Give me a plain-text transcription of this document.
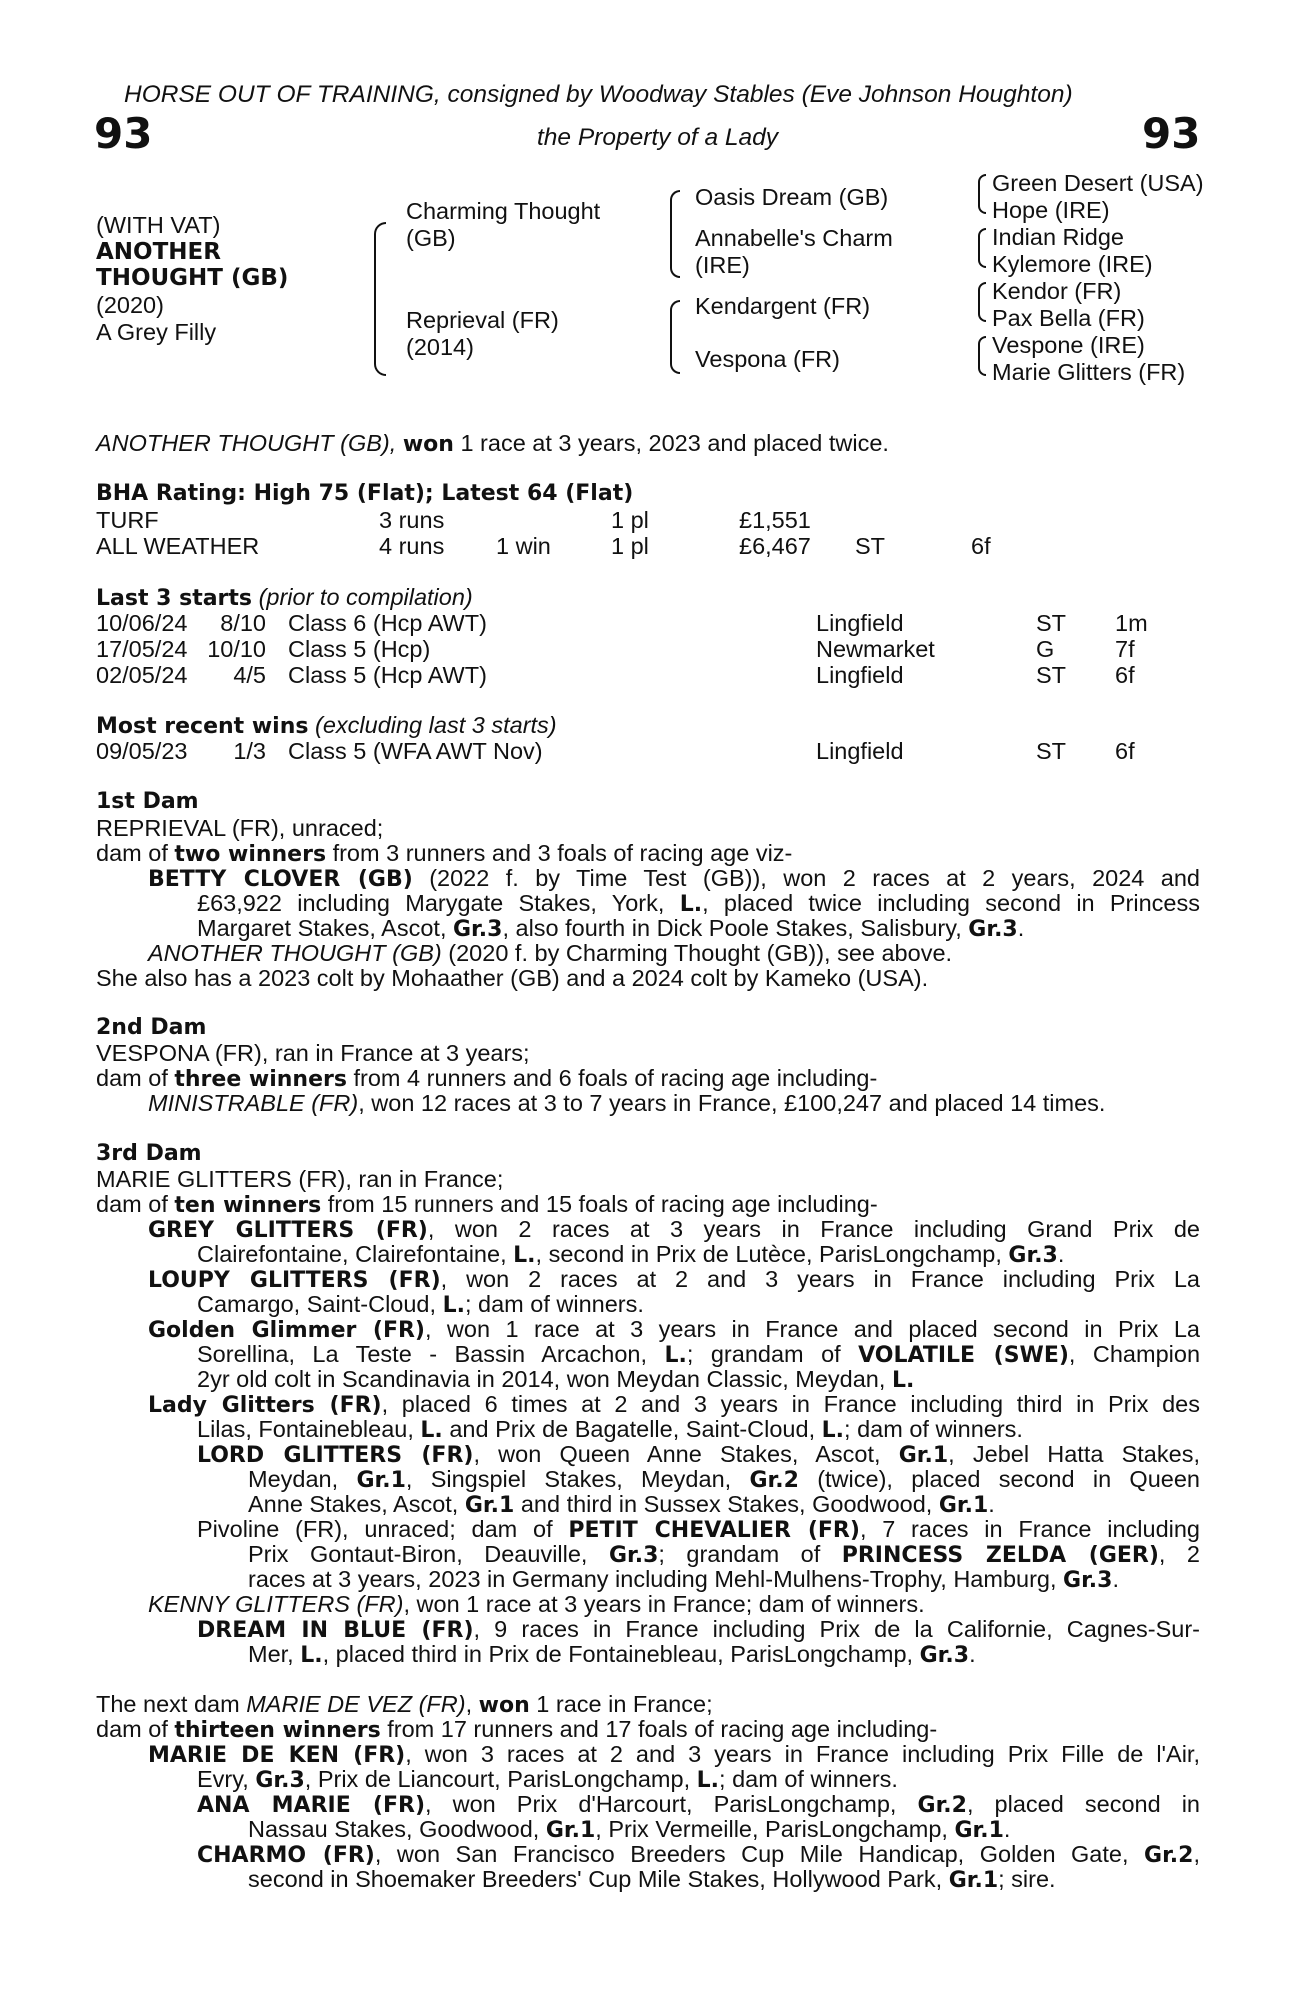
HORSE OUT OF TRAINING, consigned by Woodway Stables (Eve Johnson Houghton)
93	the Property of a Lady	93
(WITH VAT)
ANOTHER
THOUGHT (GB)
(2020)
A Grey Filly
Charming Thought
(GB)
Reprieval (FR)
(2014)
Oasis Dream (GB)
Annabelle's Charm
(IRE)
Kendargent (FR)
Vespona (FR)
Green Desert (USA)
Hope (IRE)
Indian Ridge
Kylemore (IRE)
Kendor (FR)
Pax Bella (FR)
Vespone (IRE)
Marie Glitters (FR)
ANOTHER THOUGHT (GB), won 1 race at 3 years, 2023 and placed twice.
BHA Rating: High 75 (Flat); Latest 64 (Flat)
TURF	3 runs	1 pl	£1,551
ALL WEATHER	4 runs 1 win	1 pl	£6,467 ST	6f
Last 3 starts (prior to compilation)
10/06/24	8/10 Class 6 (Hcp AWT)	Lingfield	ST 1m
17/05/24 10/10 Class 5 (Hcp)	Newmarket	G	7f
02/05/24	4/5 Class 5 (Hcp AWT)	Lingfield	ST 6f
Most recent wins (excluding last 3 starts)
09/05/23	1/3 Class 5 (WFA AWT Nov)	Lingfield	ST 6f
1st Dam
REPRIEVAL (FR), unraced;
dam of two winners from 3 runners and 3 foals of racing age viz-
BETTY CLOVER (GB) (2022 f. by Time Test (GB)), won 2 races at 2 years, 2024 and
£63,922 including Marygate Stakes, York, L., placed twice including second in Princess
Margaret Stakes, Ascot, Gr.3, also fourth in Dick Poole Stakes, Salisbury, Gr.3.
ANOTHER THOUGHT (GB) (2020 f. by Charming Thought (GB)), see above.
She also has a 2023 colt by Mohaather (GB) and a 2024 colt by Kameko (USA).
2nd Dam
VESPONA (FR), ran in France at 3 years;
dam of three winners from 4 runners and 6 foals of racing age including-
MINISTRABLE (FR), won 12 races at 3 to 7 years in France, £100,247 and placed 14 times.
3rd Dam
MARIE GLITTERS (FR), ran in France;
dam of ten winners from 15 runners and 15 foals of racing age including-
GREY GLITTERS (FR), won 2 races at 3 years in France including Grand Prix de
Clairefontaine, Clairefontaine, L., second in Prix de Lutèce, ParisLongchamp, Gr.3.
LOUPY GLITTERS (FR), won 2 races at 2 and 3 years in France including Prix La
Camargo, Saint-Cloud, L.; dam of winners.
Golden Glimmer (FR), won 1 race at 3 years in France and placed second in Prix La
Sorellina, La Teste - Bassin Arcachon, L.; grandam of VOLATILE (SWE), Champion
2yr old colt in Scandinavia in 2014, won Meydan Classic, Meydan, L.
Lady Glitters (FR), placed 6 times at 2 and 3 years in France including third in Prix des
Lilas, Fontainebleau, L. and Prix de Bagatelle, Saint-Cloud, L.; dam of winners.
LORD GLITTERS (FR), won Queen Anne Stakes, Ascot, Gr.1, Jebel Hatta Stakes,
Meydan, Gr.1, Singspiel Stakes, Meydan, Gr.2 (twice), placed second in Queen
Anne Stakes, Ascot, Gr.1 and third in Sussex Stakes, Goodwood, Gr.1.
Pivoline (FR), unraced; dam of PETIT CHEVALIER (FR), 7 races in France including
Prix Gontaut-Biron, Deauville, Gr.3; grandam of PRINCESS ZELDA (GER), 2
races at 3 years, 2023 in Germany including Mehl-Mulhens-Trophy, Hamburg, Gr.3.
KENNY GLITTERS (FR), won 1 race at 3 years in France; dam of winners.
DREAM IN BLUE (FR), 9 races in France including Prix de la Californie, Cagnes-Sur-
Mer, L., placed third in Prix de Fontainebleau, ParisLongchamp, Gr.3.
The next dam MARIE DE VEZ (FR), won 1 race in France;
dam of thirteen winners from 17 runners and 17 foals of racing age including-
MARIE DE KEN (FR), won 3 races at 2 and 3 years in France including Prix Fille de l'Air,
Evry, Gr.3, Prix de Liancourt, ParisLongchamp, L.; dam of winners.
ANA MARIE (FR), won Prix d'Harcourt, ParisLongchamp, Gr.2, placed second in
Nassau Stakes, Goodwood, Gr.1, Prix Vermeille, ParisLongchamp, Gr.1.
CHARMO (FR), won San Francisco Breeders Cup Mile Handicap, Golden Gate, Gr.2,
second in Shoemaker Breeders' Cup Mile Stakes, Hollywood Park, Gr.1; sire.
